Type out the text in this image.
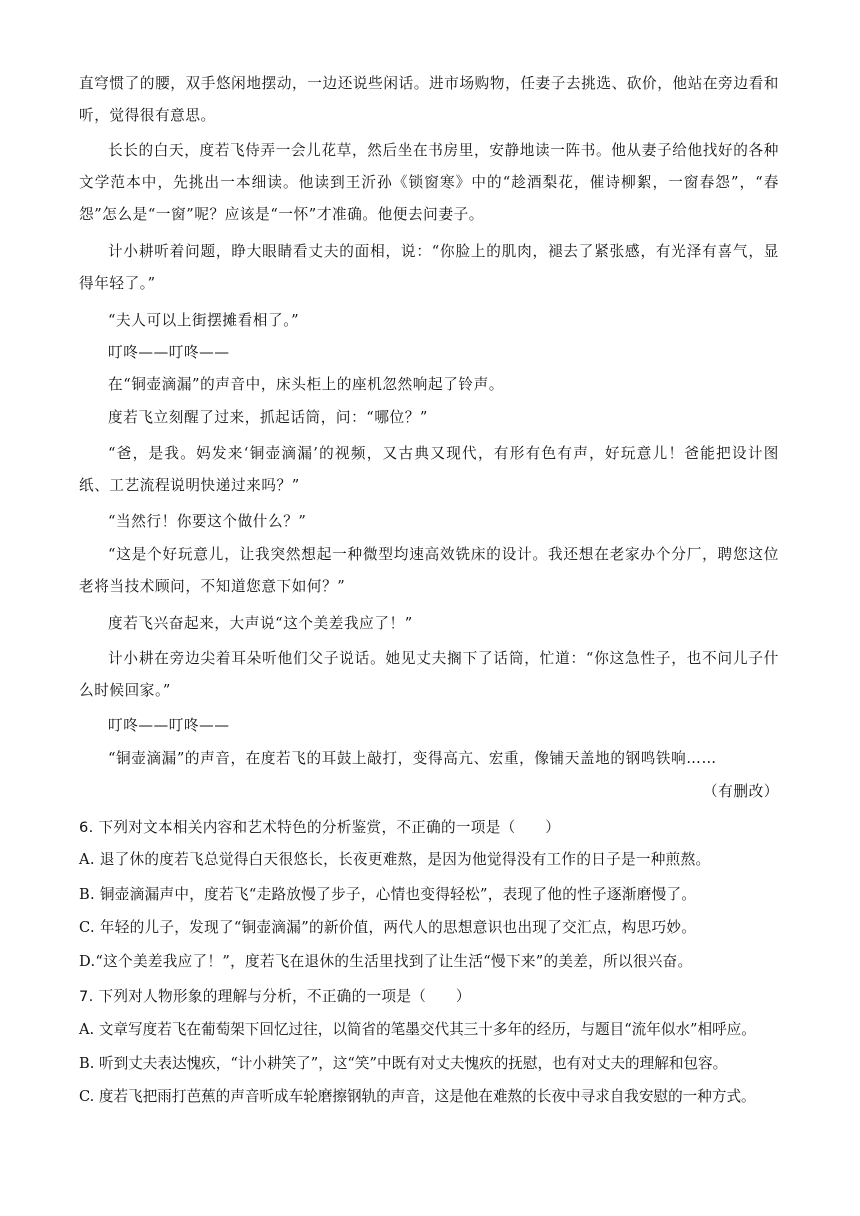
直穹惯了的腰，双手悠闲地摆动，一边还说些闲话。进市场购物，任妻子去挑选、砍价，他站在旁边看和听，觉得很有意思。

长长的白天，度若飞侍弄一会儿花草，然后坐在书房里，安静地读一阵书。他从妻子给他找好的各种文学范本中，先挑出一本细读。他读到王沂孙《锁窗寒》中的“趁酒梨花，催诗柳絮，一窗春怨”，“春怨”怎么是“一窗”呢？应该是“一怀”才准确。他便去问妻子。

计小耕听着问题，睁大眼睛看丈夫的面相，说：“你脸上的肌肉，褪去了紧张感，有光泽有喜气，显得年轻了。”

“夫人可以上街摆摊看相了。”

叮咚——叮咚——

在“铜壶滴漏”的声音中，床头柜上的座机忽然响起了铃声。

度若飞立刻醒了过来，抓起话筒，问：“哪位？”

“爸，是我。妈发来‘铜壶滴漏’的视频，又古典又现代，有形有色有声，好玩意儿！爸能把设计图纸、工艺流程说明快递过来吗？”

“当然行！你要这个做什么？”

“这是个好玩意儿，让我突然想起一种微型均速高效铣床的设计。我还想在老家办个分厂，聘您这位老将当技术顾问，不知道您意下如何？”

度若飞兴奋起来，大声说“这个美差我应了！”

计小耕在旁边尖着耳朵听他们父子说话。她见丈夫搁下了话筒，忙道：“你这急性子，也不问儿子什么时候回家。”

叮咚——叮咚——

“铜壶滴漏”的声音，在度若飞的耳鼓上敲打，变得高亢、宏重，像铺天盖地的钢鸣铁响……

（有删改）

6. 下列对文本相关内容和艺术特色的分析鉴赏，不正确的一项是（　　）

A. 退了休的度若飞总觉得白天很悠长，长夜更难熬，是因为他觉得没有工作的日子是一种煎熬。

B. 铜壶滴漏声中，度若飞“走路放慢了步子，心情也变得轻松”，表现了他的性子逐渐磨慢了。

C. 年轻的儿子，发现了“铜壶滴漏”的新价值，两代人的思想意识也出现了交汇点，构思巧妙。

D.“这个美差我应了！”，度若飞在退休的生活里找到了让生活“慢下来”的美差，所以很兴奋。

7. 下列对人物形象的理解与分析，不正确的一项是（　　）

A. 文章写度若飞在葡萄架下回忆过往，以简省的笔墨交代其三十多年的经历，与题目“流年似水”相呼应。

B. 听到丈夫表达愧疚，“计小耕笑了”，这“笑”中既有对丈夫愧疚的抚慰，也有对丈夫的理解和包容。

C. 度若飞把雨打芭蕉的声音听成车轮磨擦钢轨的声音，这是他在难熬的长夜中寻求自我安慰的一种方式。
